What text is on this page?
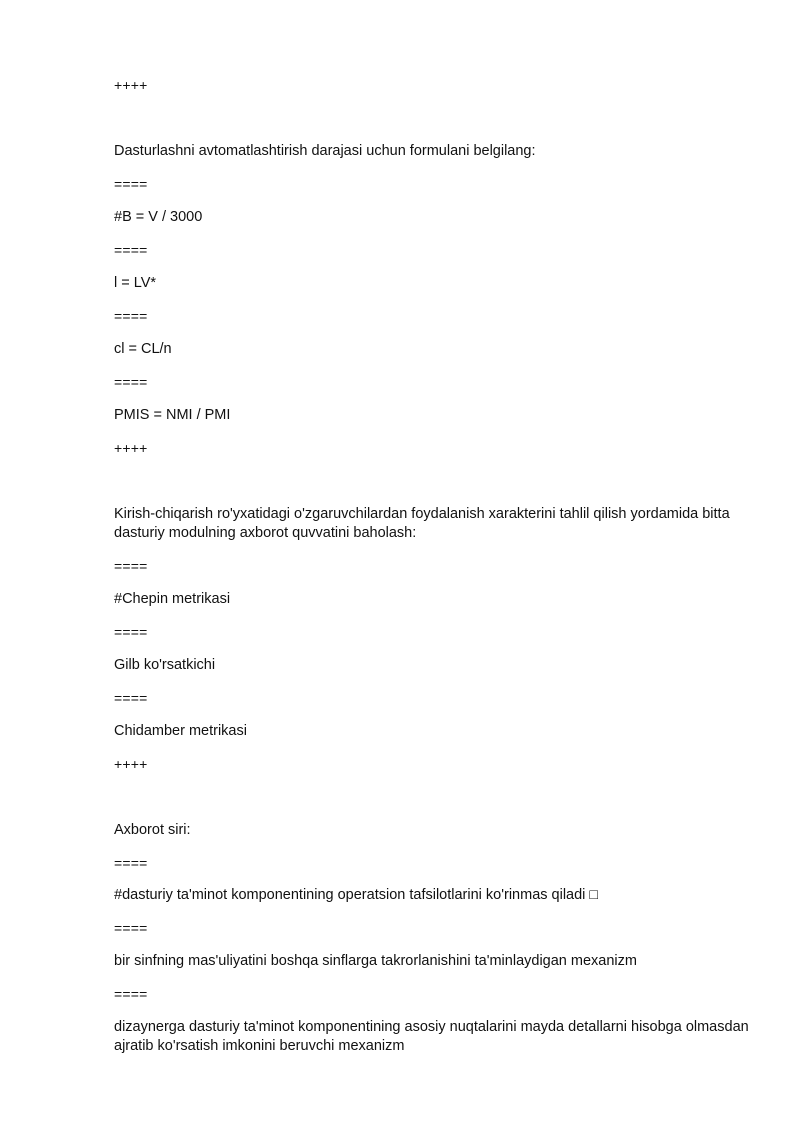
++++
Dasturlashni avtomatlashtirish darajasi uchun formulani belgilang:
====
#B = V / 3000
====
l = LV*
====
cl = CL/n
====
PMIS = NMI / PMI
++++
Kirish-chiqarish ro'yxatidagi o'zgaruvchilardan foydalanish xarakterini tahlil qilish yordamida bitta dasturiy modulning axborot quvvatini baholash:
====
#Chepin metrikasi
====
Gilb ko'rsatkichi
====
Chidamber metrikasi
++++
Axborot siri:
====
#dasturiy ta'minot komponentining operatsion tafsilotlarini ko'rinmas qiladi □
====
bir sinfning mas'uliyatini boshqa sinflarga takrorlanishini ta'minlaydigan mexanizm
====
dizaynerga dasturiy ta'minot komponentining asosiy nuqtalarini mayda detallarni hisobga olmasdan ajratib ko'rsatish imkonini beruvchi mexanizm
